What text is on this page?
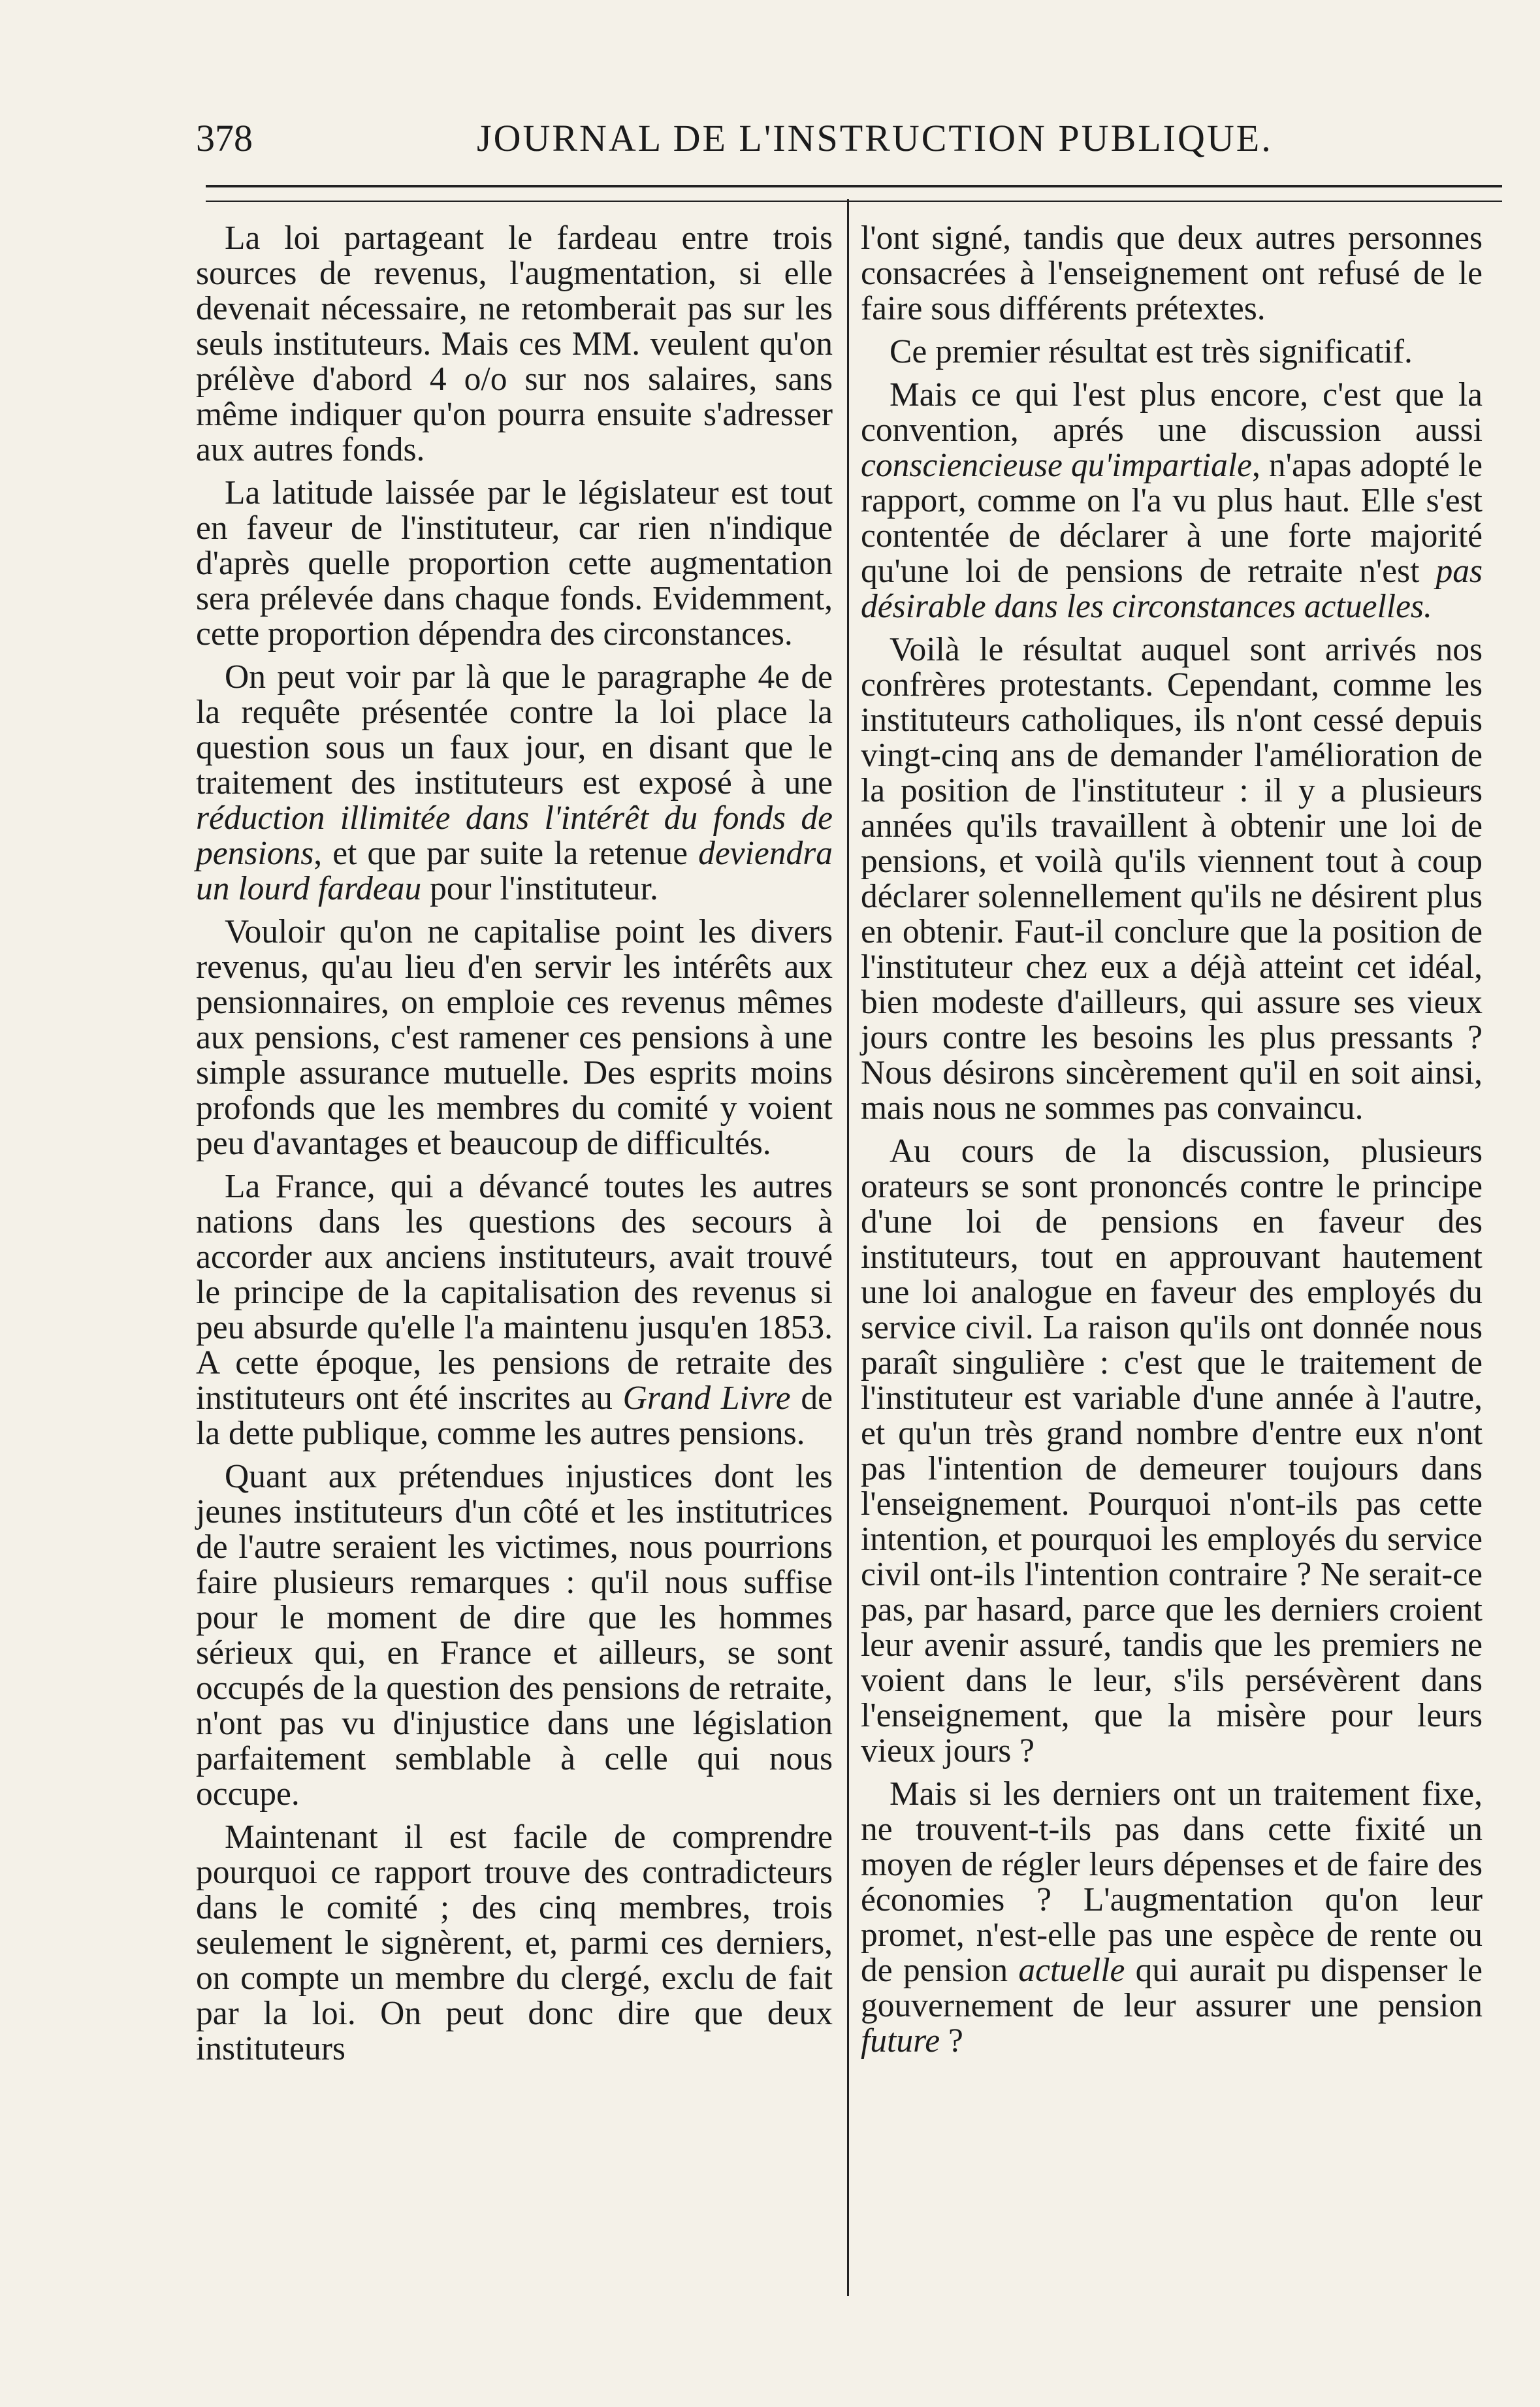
378	JOURNAL DE L'INSTRUCTION PUBLIQUE.

La loi partageant le fardeau entre trois sources de revenus, l'augmentation, si elle devenait nécessaire, ne retomberait pas sur les seuls instituteurs. Mais ces MM. veulent qu'on prélève d'abord 4 o/o sur nos salaires, sans même indiquer qu'on pourra ensuite s'adresser aux autres fonds.

La latitude laissée par le législateur est tout en faveur de l'instituteur, car rien n'indique d'après quelle proportion cette augmentation sera prélevée dans chaque fonds. Evidemment, cette proportion dépendra des circonstances.

On peut voir par là que le paragraphe 4e de la requête présentée contre la loi place la question sous un faux jour, en disant que le traitement des instituteurs est exposé à une réduction illimitée dans l'intérêt du fonds de pensions, et que par suite la retenue deviendra un lourd fardeau pour l'instituteur.

Vouloir qu'on ne capitalise point les divers revenus, qu'au lieu d'en servir les intérêts aux pensionnaires, on emploie ces revenus mêmes aux pensions, c'est ramener ces pensions à une simple assurance mutuelle. Des esprits moins profonds que les membres du comité y voient peu d'avantages et beaucoup de difficultés.

La France, qui a dévancé toutes les autres nations dans les questions des secours à accorder aux anciens instituteurs, avait trouvé le principe de la capitalisation des revenus si peu absurde qu'elle l'a maintenu jusqu'en 1853. A cette époque, les pensions de retraite des instituteurs ont été inscrites au Grand Livre de la dette publique, comme les autres pensions.

Quant aux prétendues injustices dont les jeunes instituteurs d'un côté et les institutrices de l'autre seraient les victimes, nous pourrions faire plusieurs remarques : qu'il nous suffise pour le moment de dire que les hommes sérieux qui, en France et ailleurs, se sont occupés de la question des pensions de retraite, n'ont pas vu d'injustice dans une législation parfaitement semblable à celle qui nous occupe.

Maintenant il est facile de comprendre pourquoi ce rapport trouve des contradicteurs dans le comité ; des cinq membres, trois seulement le signèrent, et, parmi ces derniers, on compte un membre du clergé, exclu de fait par la loi. On peut donc dire que deux instituteurs

l'ont signé, tandis que deux autres personnes consacrées à l'enseignement ont refusé de le faire sous différents prétextes.

Ce premier résultat est très significatif.

Mais ce qui l'est plus encore, c'est que la convention, aprés une discussion aussi consciencieuse qu'impartiale, n'apas adopté le rapport, comme on l'a vu plus haut. Elle s'est contentée de déclarer à une forte majorité qu'une loi de pensions de retraite n'est pas désirable dans les circonstances actuelles.

Voilà le résultat auquel sont arrivés nos confrères protestants. Cependant, comme les instituteurs catholiques, ils n'ont cessé depuis vingt-cinq ans de demander l'amélioration de la position de l'instituteur : il y a plusieurs années qu'ils travaillent à obtenir une loi de pensions, et voilà qu'ils viennent tout à coup déclarer solennellement qu'ils ne désirent plus en obtenir. Faut-il conclure que la position de l'instituteur chez eux a déjà atteint cet idéal, bien modeste d'ailleurs, qui assure ses vieux jours contre les besoins les plus pressants ? Nous désirons sincèrement qu'il en soit ainsi, mais nous ne sommes pas convaincu.

Au cours de la discussion, plusieurs orateurs se sont prononcés contre le principe d'une loi de pensions en faveur des instituteurs, tout en approuvant hautement une loi analogue en faveur des employés du service civil. La raison qu'ils ont donnée nous paraît singulière : c'est que le traitement de l'instituteur est variable d'une année à l'autre, et qu'un très grand nombre d'entre eux n'ont pas l'intention de demeurer toujours dans l'enseignement. Pourquoi n'ont-ils pas cette intention, et pourquoi les employés du service civil ont-ils l'intention contraire ? Ne serait-ce pas, par hasard, parce que les derniers croient leur avenir assuré, tandis que les premiers ne voient dans le leur, s'ils persévèrent dans l'enseignement, que la misère pour leurs vieux jours ?

Mais si les derniers ont un traitement fixe, ne trouvent-t-ils pas dans cette fixité un moyen de régler leurs dépenses et de faire des économies ? L'augmentation qu'on leur promet, n'est-elle pas une espèce de rente ou de pension actuelle qui aurait pu dispenser le gouvernement de leur assurer une pension future ?
